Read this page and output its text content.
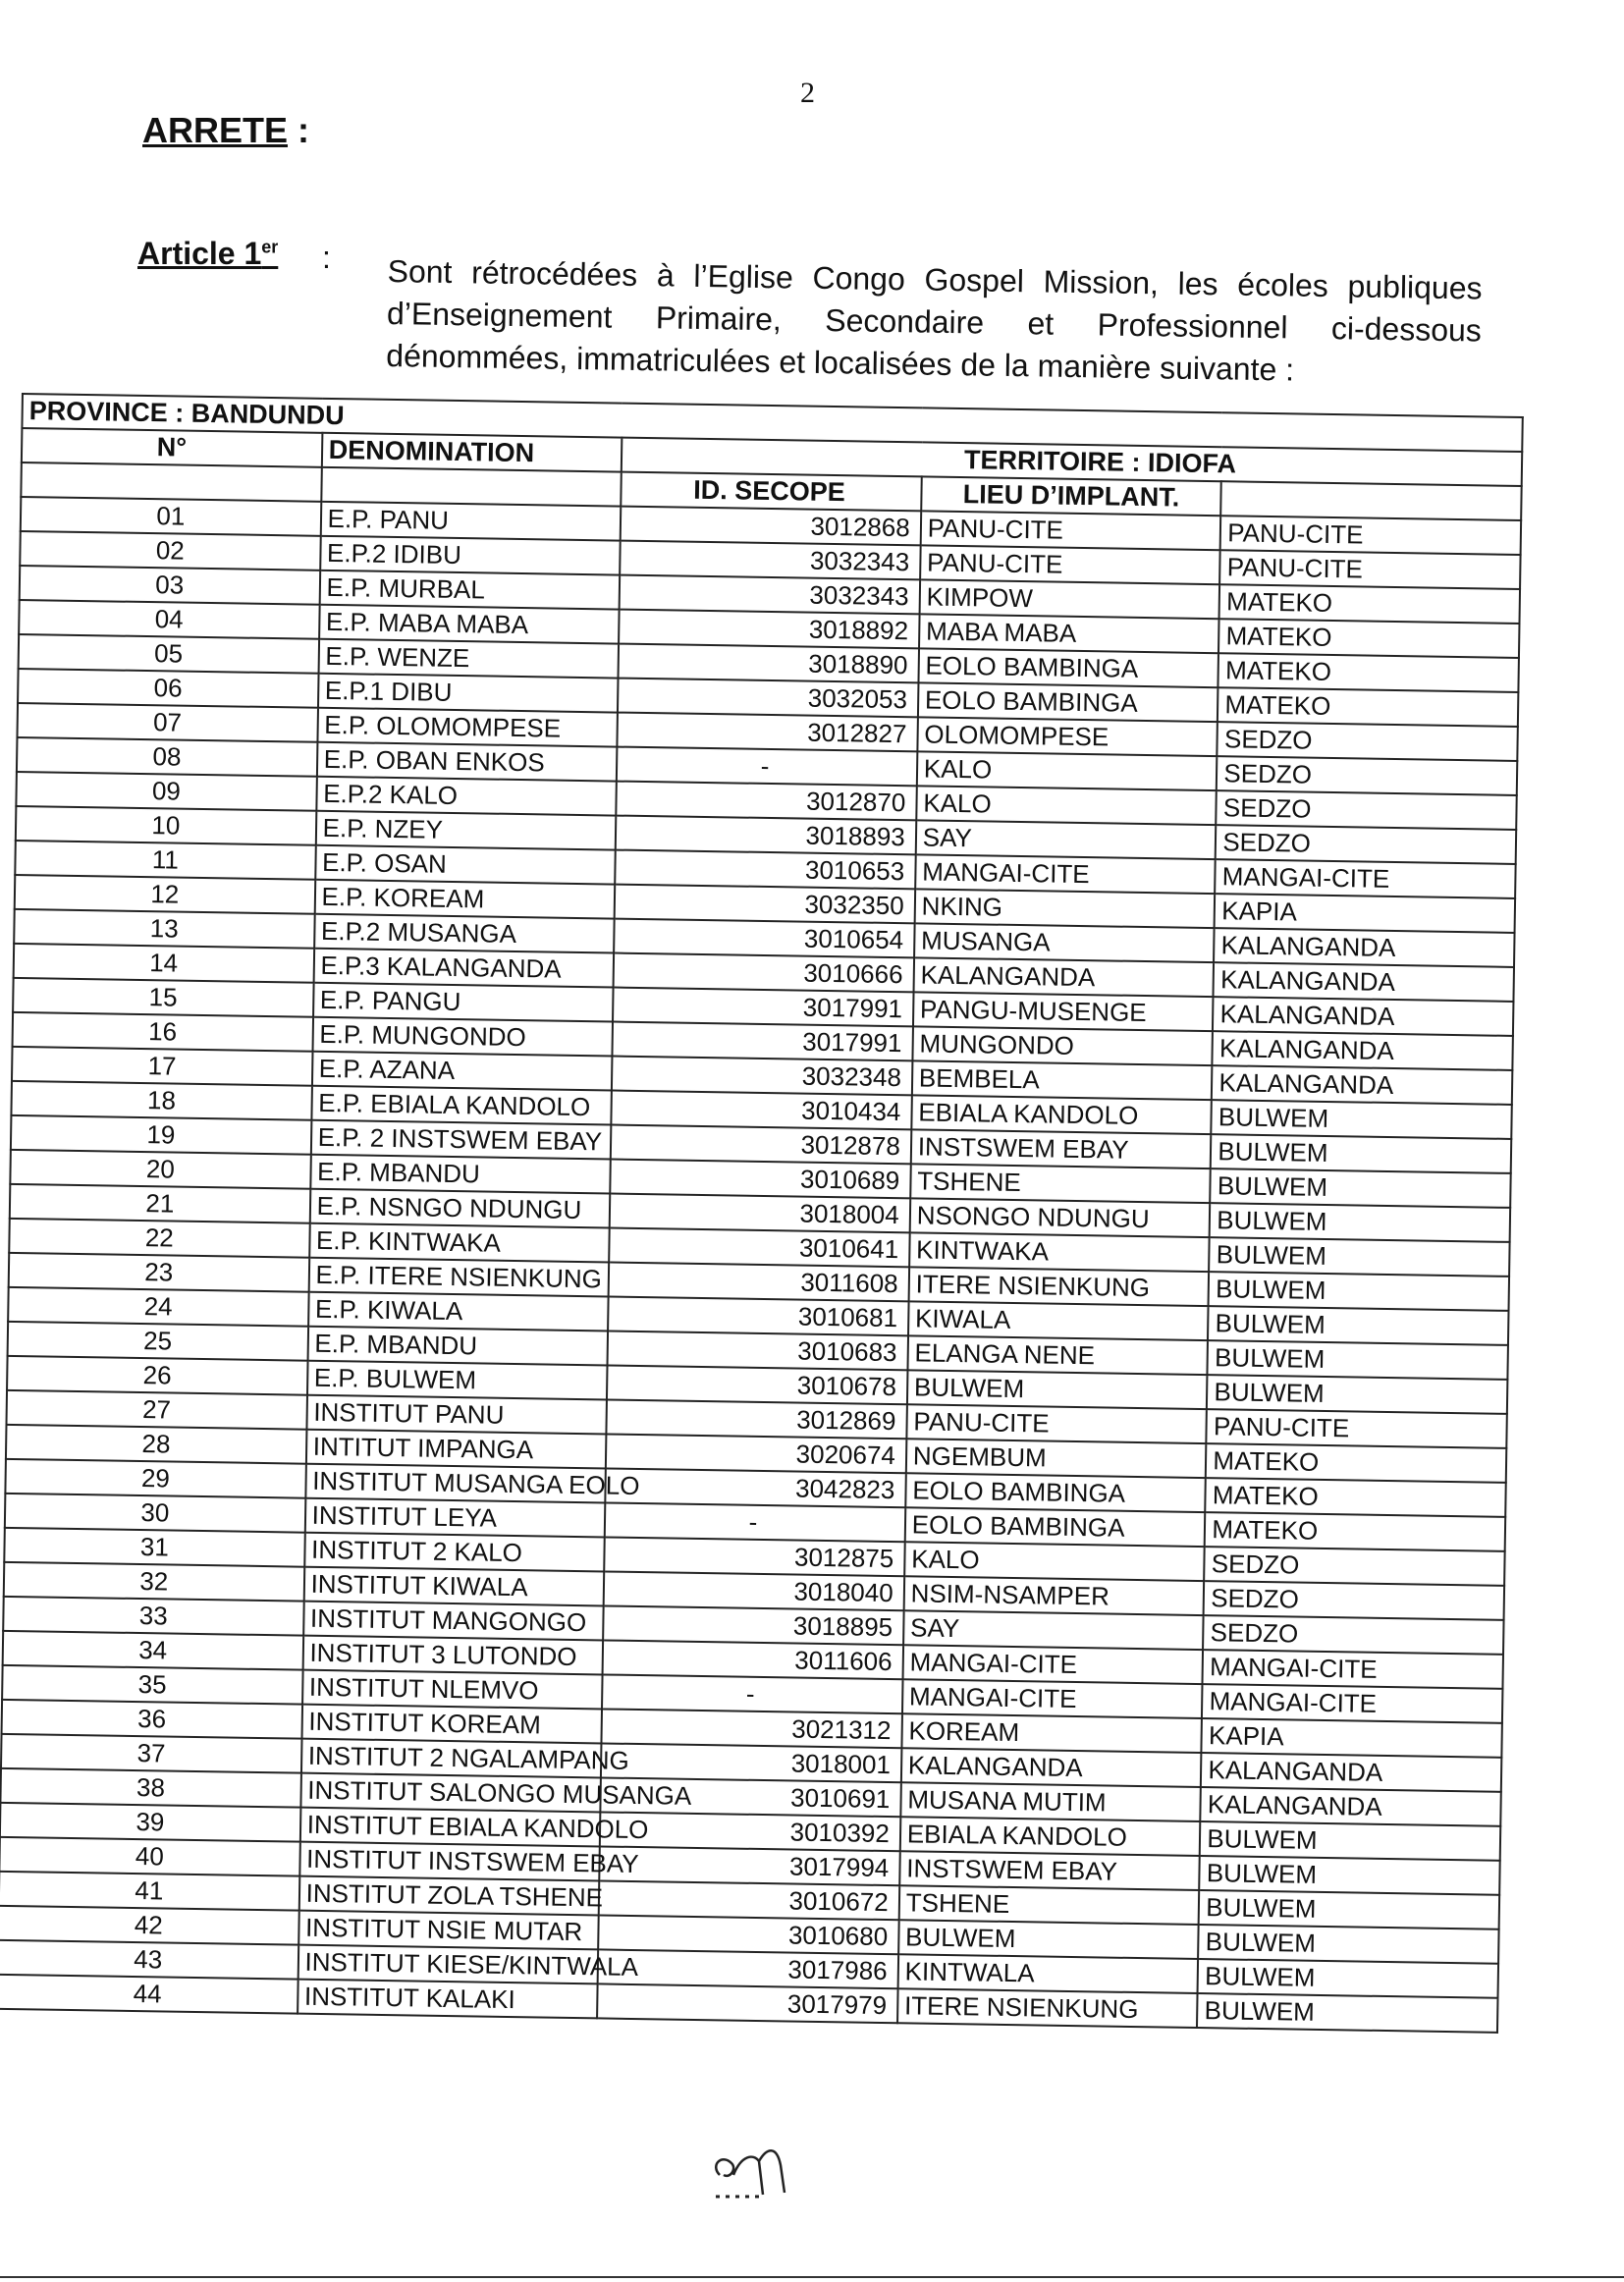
2
ARRETE :
Article 1er : Sont rétrocédées à l’Eglise Congo Gospel Mission, les écoles publiques d’Enseignement Primaire, Secondaire et Professionnel ci-dessous dénommées, immatriculées et localisées de la manière suivante :
PROVINCE : BANDUNDU				
N°	DENOMINATION	TERRITOIRE : IDIOFA		
		ID. SECOPE	LIEU D’IMPLANT.	
01	E.P. PANU	3012868	PANU-CITE	PANU-CITE
02	E.P.2 IDIBU	3032343	PANU-CITE	PANU-CITE
03	E.P. MURBAL	3032343	KIMPOW	MATEKO
04	E.P. MABA MABA	3018892	MABA MABA	MATEKO
05	E.P. WENZE	3018890	EOLO BAMBINGA	MATEKO
06	E.P.1 DIBU	3032053	EOLO BAMBINGA	MATEKO
07	E.P. OLOMOMPESE	3012827	OLOMOMPESE	SEDZO
08	E.P. OBAN ENKOS	-	KALO	SEDZO
09	E.P.2 KALO	3012870	KALO	SEDZO
10	E.P. NZEY	3018893	SAY	SEDZO
11	E.P. OSAN	3010653	MANGAI-CITE	MANGAI-CITE
12	E.P. KOREAM	3032350	NKING	KAPIA
13	E.P.2 MUSANGA	3010654	MUSANGA	KALANGANDA
14	E.P.3 KALANGANDA	3010666	KALANGANDA	KALANGANDA
15	E.P. PANGU	3017991	PANGU-MUSENGE	KALANGANDA
16	E.P. MUNGONDO	3017991	MUNGONDO	KALANGANDA
17	E.P. AZANA	3032348	BEMBELA	KALANGANDA
18	E.P. EBIALA KANDOLO	3010434	EBIALA KANDOLO	BULWEM
19	E.P. 2 INSTSWEM EBAY	3012878	INSTSWEM EBAY	BULWEM
20	E.P. MBANDU	3010689	TSHENE	BULWEM
21	E.P. NSNGO NDUNGU	3018004	NSONGO NDUNGU	BULWEM
22	E.P. KINTWAKA	3010641	KINTWAKA	BULWEM
23	E.P. ITERE NSIENKUNG	3011608	ITERE NSIENKUNG	BULWEM
24	E.P. KIWALA	3010681	KIWALA	BULWEM
25	E.P. MBANDU	3010683	ELANGA NENE	BULWEM
26	E.P. BULWEM	3010678	BULWEM	BULWEM
27	INSTITUT PANU	3012869	PANU-CITE	PANU-CITE
28	INTITUT IMPANGA	3020674	NGEMBUM	MATEKO
29	INSTITUT MUSANGA EOLO	3042823	EOLO BAMBINGA	MATEKO
30	INSTITUT LEYA	-	EOLO BAMBINGA	MATEKO
31	INSTITUT 2 KALO	3012875	KALO	SEDZO
32	INSTITUT KIWALA	3018040	NSIM-NSAMPER	SEDZO
33	INSTITUT MANGONGO	3018895	SAY	SEDZO
34	INSTITUT 3 LUTONDO	3011606	MANGAI-CITE	MANGAI-CITE
35	INSTITUT NLEMVO	-	MANGAI-CITE	MANGAI-CITE
36	INSTITUT KOREAM	3021312	KOREAM	KAPIA
37	INSTITUT 2 NGALAMPANG	3018001	KALANGANDA	KALANGANDA
38	INSTITUT SALONGO MUSANGA	3010691	MUSANA MUTIM	KALANGANDA
39	INSTITUT EBIALA KANDOLO	3010392	EBIALA KANDOLO	BULWEM
40	INSTITUT INSTSWEM EBAY	3017994	INSTSWEM EBAY	BULWEM
41	INSTITUT ZOLA TSHENE	3010672	TSHENE	BULWEM
42	INSTITUT NSIE MUTAR	3010680	BULWEM	BULWEM
43	INSTITUT KIESE/KINTWALA	3017986	KINTWALA	BULWEM
44	INSTITUT KALAKI	3017979	ITERE NSIENKUNG	BULWEM
